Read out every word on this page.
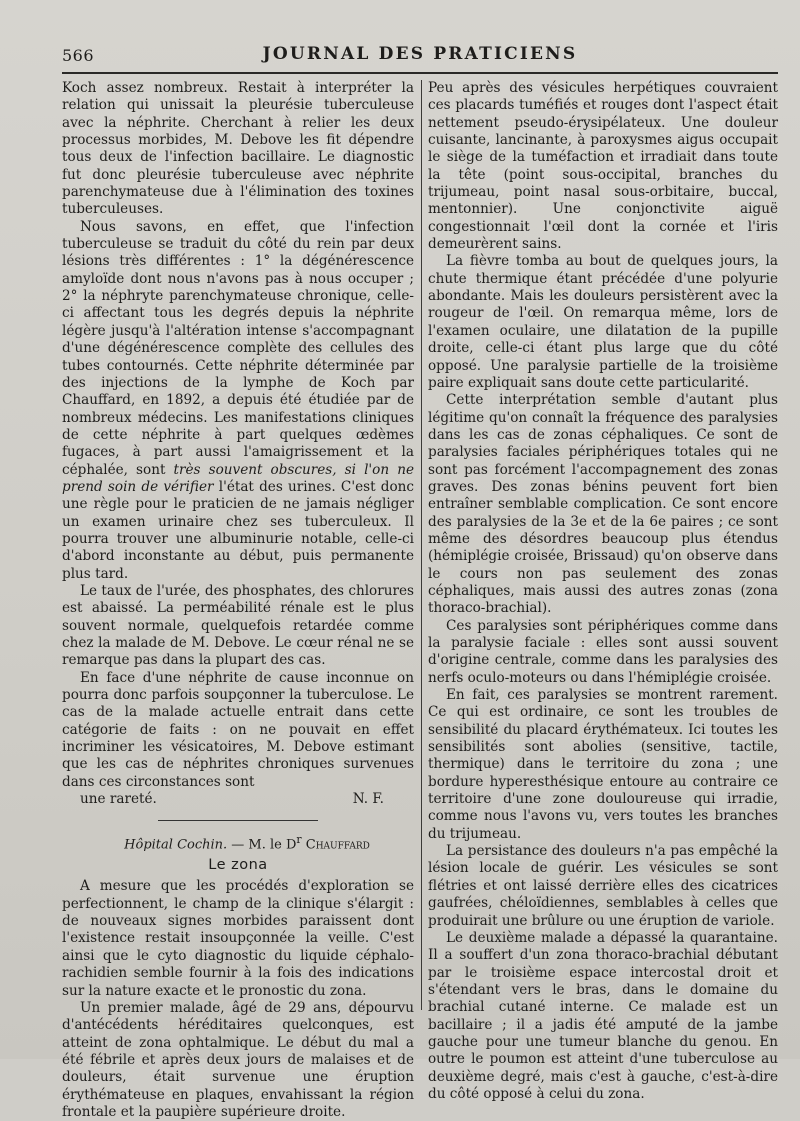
566	JOURNAL DES PRATICIENS

Koch assez nombreux. Restait à interpréter la relation qui unissait la pleurésie tuberculeuse avec la néphrite. Cherchant à relier les deux processus morbides, M. Debove les fit dépendre tous deux de l'infection bacillaire. Le diagnostic fut donc pleurésie tuberculeuse avec néphrite parenchymateuse due à l'élimination des toxines tuberculeuses.

Nous savons, en effet, que l'infection tuberculeuse se traduit du côté du rein par deux lésions très différentes : 1° la dégénérescence amyloïde dont nous n'avons pas à nous occuper ; 2° la néphryte parenchymateuse chronique, celle-ci affectant tous les degrés depuis la néphrite légère jusqu'à l'altération intense s'accompagnant d'une dégénérescence complète des cellules des tubes contournés. Cette néphrite déterminée par des injections de la lymphe de Koch par Chauffard, en 1892, a depuis été étudiée par de nombreux médecins. Les manifestations cliniques de cette néphrite à part quelques œdèmes fugaces, à part aussi l'amaigrissement et la céphalée, sont très souvent obscures, si l'on ne prend soin de vérifier l'état des urines. C'est donc une règle pour le praticien de ne jamais négliger un examen urinaire chez ses tuberculeux. Il pourra trouver une albuminurie notable, celle-ci d'abord inconstante au début, puis permanente plus tard.

Le taux de l'urée, des phosphates, des chlorures est abaissé. La perméabilité rénale est le plus souvent normale, quelquefois retardée comme chez la malade de M. Debove. Le cœur rénal ne se remarque pas dans la plupart des cas.

En face d'une néphrite de cause inconnue on pourra donc parfois soupçonner la tuberculose. Le cas de la malade actuelle entrait dans cette catégorie de faits : on ne pouvait en effet incriminer les vésicatoires, M. Debove estimant que les cas de néphrites chroniques survenues dans ces circonstances sont

une rareté.	N. F.

Hôpital Cochin. — M. le $D^r$ Chauffard

Le zona

A mesure que les procédés d'exploration se perfectionnent, le champ de la clinique s'élargit : de nouveaux signes morbides paraissent dont l'existence restait insoupçonnée la veille. C'est ainsi que le cyto diagnostic du liquide céphalo-rachidien semble fournir à la fois des indications sur la nature exacte et le pronostic du zona.

Un premier malade, âgé de 29 ans, dépourvu d'antécédents héréditaires quelconques, est atteint de zona ophtalmique. Le début du mal a été fébrile et après deux jours de malaises et de douleurs, était survenue une éruption érythémateuse en plaques, envahissant la région frontale et la paupière supérieure droite.

Peu après des vésicules herpétiques couvraient ces placards tuméfiés et rouges dont l'aspect était nettement pseudo-érysipélateux. Une douleur cuisante, lancinante, à paroxysmes aigus occupait le siège de la tuméfaction et irradiait dans toute la tête (point sous-occipital, branches du trijumeau, point nasal sous-orbitaire, buccal, mentonnier). Une conjonctivite aiguë congestionnait l'œil dont la cornée et l'iris demeurèrent sains.

La fièvre tomba au bout de quelques jours, la chute thermique étant précédée d'une polyurie abondante. Mais les douleurs persistèrent avec la rougeur de l'œil. On remarqua même, lors de l'examen oculaire, une dilatation de la pupille droite, celle-ci étant plus large que du côté opposé. Une paralysie partielle de la troisième paire expliquait sans doute cette particularité.

Cette interprétation semble d'autant plus légitime qu'on connaît la fréquence des paralysies dans les cas de zonas céphaliques. Ce sont de paralysies faciales périphériques totales qui ne sont pas forcément l'accompagnement des zonas graves. Des zonas bénins peuvent fort bien entraîner semblable complication. Ce sont encore des paralysies de la 3e et de la 6e paires ; ce sont même des désordres beaucoup plus étendus (hémiplégie croisée, Brissaud) qu'on observe dans le cours non pas seulement des zonas céphaliques, mais aussi des autres zonas (zona thoraco-brachial).

Ces paralysies sont périphériques comme dans la paralysie faciale : elles sont aussi souvent d'origine centrale, comme dans les paralysies des nerfs oculo-moteurs ou dans l'hémiplégie croisée.

En fait, ces paralysies se montrent rarement. Ce qui est ordinaire, ce sont les troubles de sensibilité du placard érythémateux. Ici toutes les sensibilités sont abolies (sensitive, tactile, thermique) dans le territoire du zona ; une bordure hyperesthésique entoure au contraire ce territoire d'une zone douloureuse qui irradie, comme nous l'avons vu, vers toutes les branches du trijumeau.

La persistance des douleurs n'a pas empêché la lésion locale de guérir. Les vésicules se sont flétries et ont laissé derrière elles des cicatrices gaufrées, chéloïdiennes, semblables à celles que produirait une brûlure ou une éruption de variole.

Le deuxième malade a dépassé la quarantaine. Il a souffert d'un zona thoraco-brachial débutant par le troisième espace intercostal droit et s'étendant vers le bras, dans le domaine du brachial cutané interne. Ce malade est un bacillaire ; il a jadis été amputé de la jambe gauche pour une tumeur blanche du genou. En outre le poumon est atteint d'une tuberculose au deuxième degré, mais c'est à gauche, c'est-à-dire du côté opposé à celui du zona.
